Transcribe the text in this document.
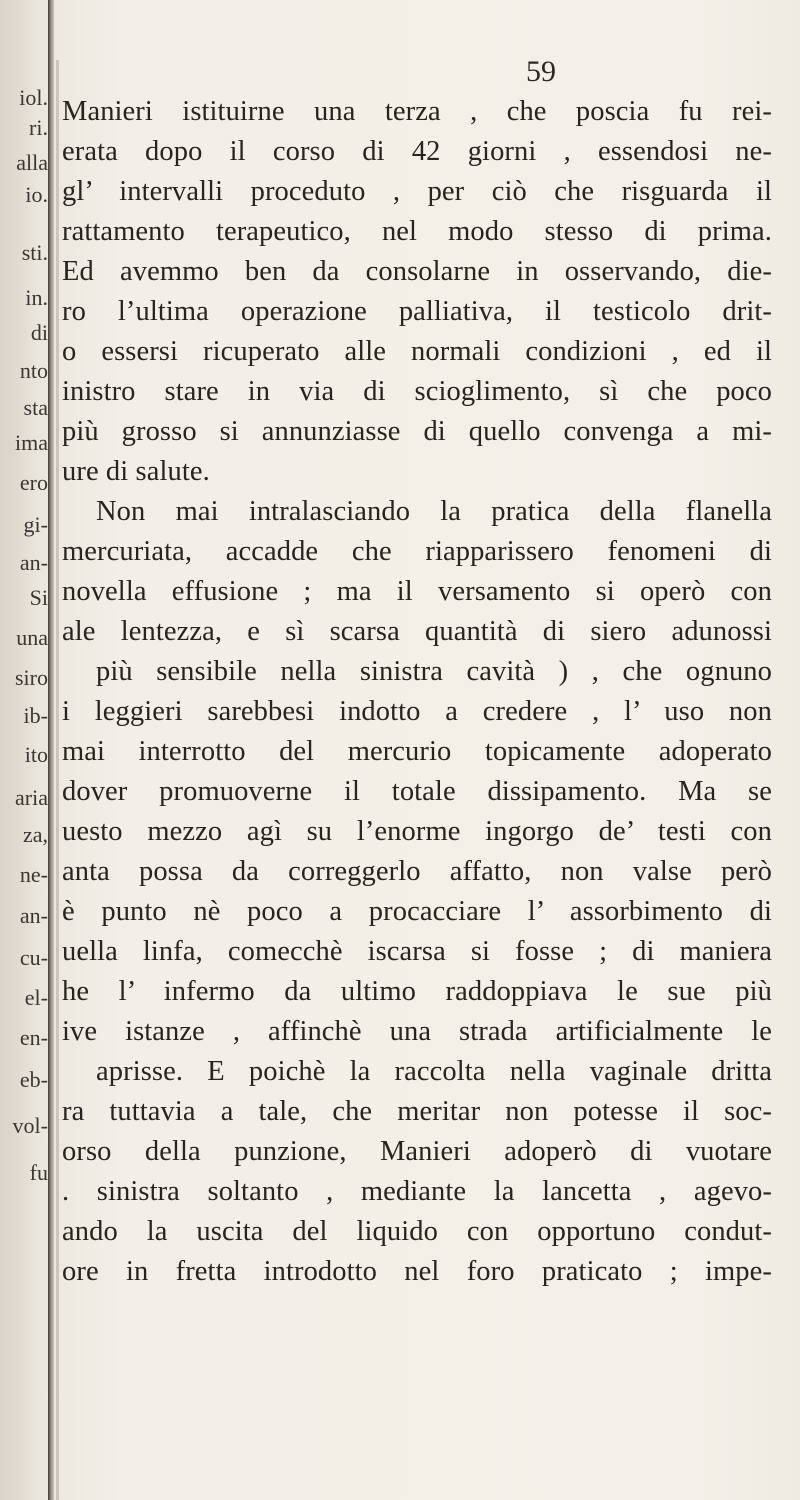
iol.
ri.
alla
io.
sti.
in.
di
nto
sta
ima
ero
gi-
an-
Si
una
siro
ib-
ito
aria
za,
ne-
an-
cu-
el-
en-
eb-
vol-
fu
59
Manieri istituirne una terza , che poscia fu rei-
erata dopo il corso di 42 giorni , essendosi ne-
gl’ intervalli proceduto , per ciò che risguarda il
rattamento terapeutico, nel modo stesso di prima.
Ed avemmo ben da consolarne in osservando, die-
ro l’ultima operazione palliativa, il testicolo drit-
o essersi ricuperato alle normali condizioni , ed il
inistro stare in via di scioglimento, sì che poco
più grosso si annunziasse di quello convenga a mi-
ure di salute.
Non mai intralasciando la pratica della flanella
mercuriata, accadde che riapparissero fenomeni di
novella effusione ; ma il versamento si operò con
ale lentezza, e sì scarsa quantità di siero adunossi
più sensibile nella sinistra cavità ) , che ognuno
i leggieri sarebbesi indotto a credere , l’ uso non
mai interrotto del mercurio topicamente adoperato
dover promuoverne il totale dissipamento. Ma se
uesto mezzo agì su l’enorme ingorgo de’ testi con
anta possa da correggerlo affatto, non valse però
è punto nè poco a procacciare l’ assorbimento di
uella linfa, comecchè iscarsa si fosse ; di maniera
he l’ infermo da ultimo raddoppiava le sue più
ive istanze , affinchè una strada artificialmente le
aprisse. E poichè la raccolta nella vaginale dritta
ra tuttavia a tale, che meritar non potesse il soc-
orso della punzione, Manieri adoperò di vuotare
. sinistra soltanto , mediante la lancetta , agevo-
ando la uscita del liquido con opportuno condut-
ore in fretta introdotto nel foro praticato ; impe-
